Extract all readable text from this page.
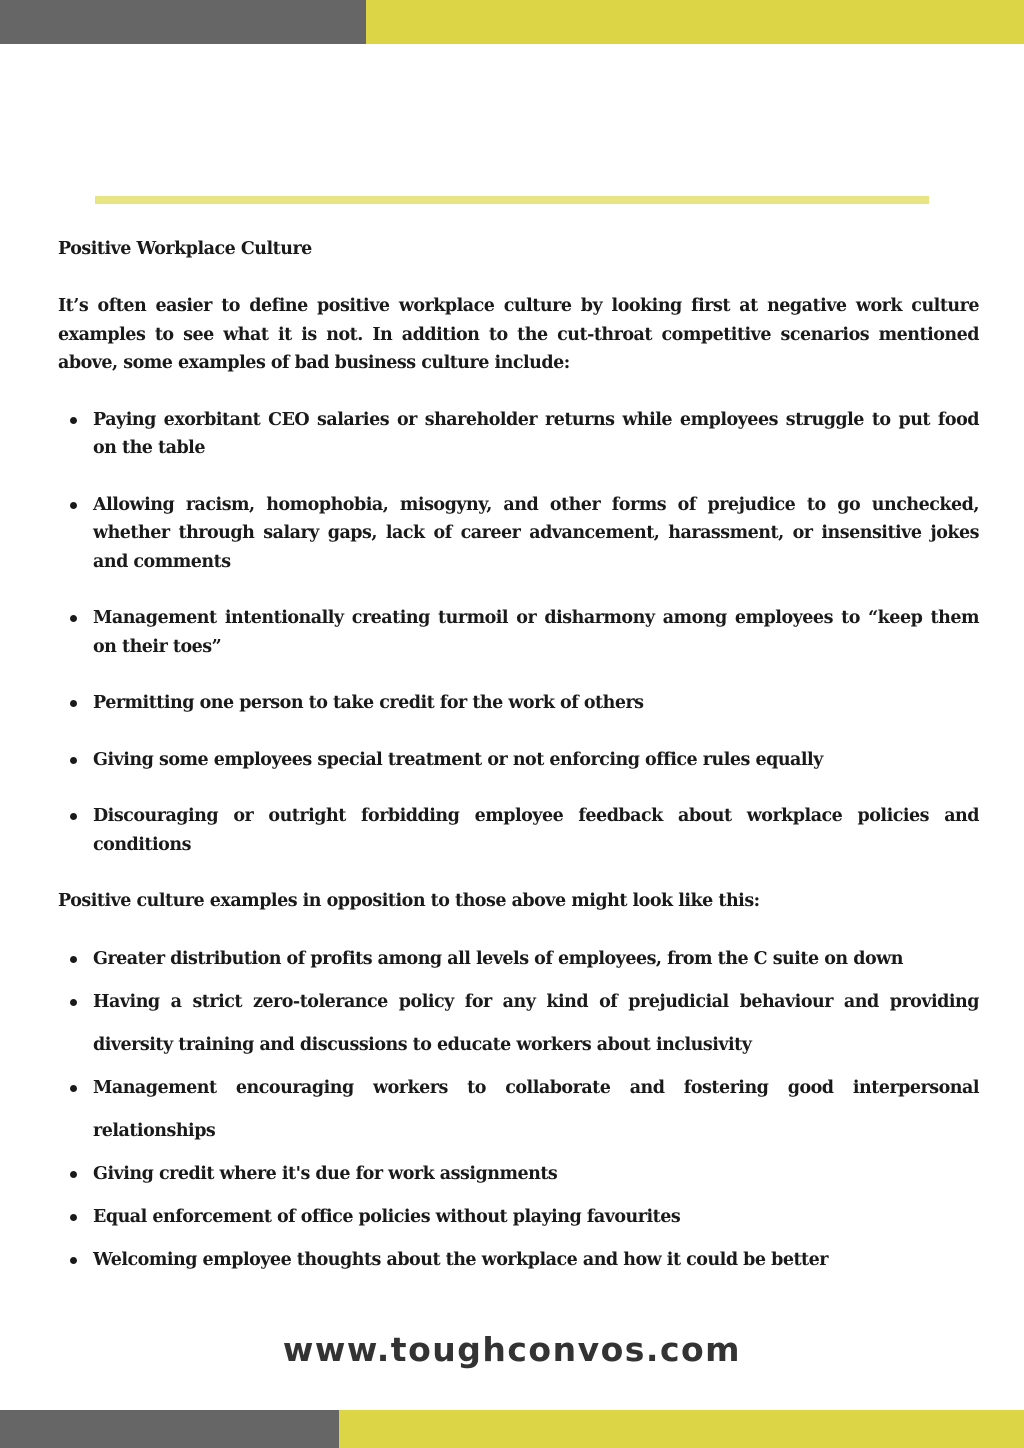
Positive Workplace Culture

It’s often easier to define positive workplace culture by looking first at negative work culture examples to see what it is not. In addition to the cut-throat competitive scenarios mentioned above, some examples of bad business culture include:

Paying exorbitant CEO salaries or shareholder returns while employees struggle to put food on the table
Allowing racism, homophobia, misogyny, and other forms of prejudice to go unchecked, whether through salary gaps, lack of career advancement, harassment, or insensitive jokes and comments
Management intentionally creating turmoil or disharmony among employees to “keep them on their toes”
Permitting one person to take credit for the work of others
Giving some employees special treatment or not enforcing office rules equally
Discouraging or outright forbidding employee feedback about workplace policies and conditions

Positive culture examples in opposition to those above might look like this:

Greater distribution of profits among all levels of employees, from the C suite on down
Having a strict zero-tolerance policy for any kind of prejudicial behaviour and providing diversity training and discussions to educate workers about inclusivity
Management encouraging workers to collaborate and fostering good interpersonal relationships
Giving credit where it's due for work assignments
Equal enforcement of office policies without playing favourites
Welcoming employee thoughts about the workplace and how it could be better
www.toughconvos.com
